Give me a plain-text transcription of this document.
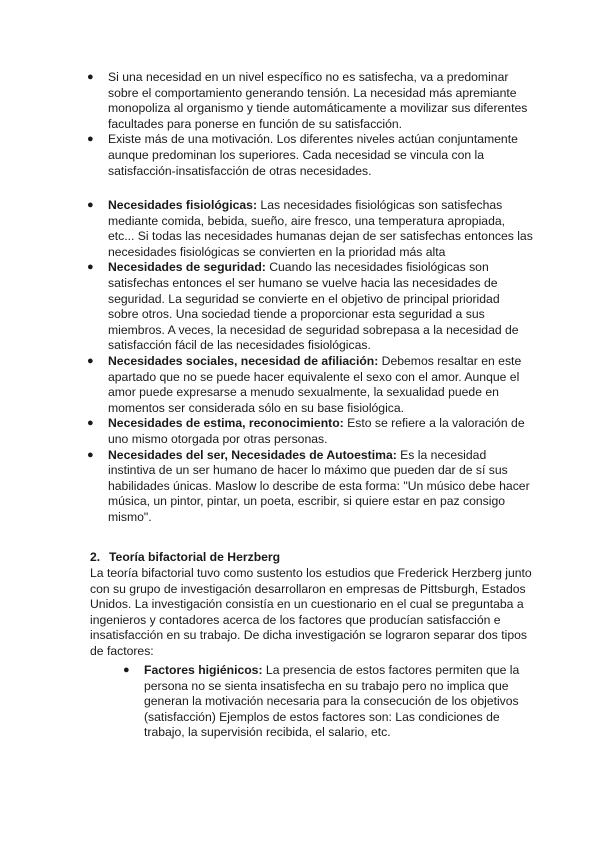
● Si una necesidad en un nivel específico no es satisfecha, va a predominar sobre el comportamiento generando tensión. La necesidad más apremiante monopoliza al organismo y tiende automáticamente a movilizar sus diferentes facultades para ponerse en función de su satisfacción.
● Existe más de una motivación. Los diferentes niveles actúan conjuntamente aunque predominan los superiores. Cada necesidad se vincula con la satisfacción-insatisfacción de otras necesidades.
● Necesidades fisiológicas: Las necesidades fisiológicas son satisfechas mediante comida, bebida, sueño, aire fresco, una temperatura apropiada, etc... Si todas las necesidades humanas dejan de ser satisfechas entonces las necesidades fisiológicas se convierten en la prioridad más alta
● Necesidades de seguridad: Cuando las necesidades fisiológicas son satisfechas entonces el ser humano se vuelve hacia las necesidades de seguridad. La seguridad se convierte en el objetivo de principal prioridad sobre otros. Una sociedad tiende a proporcionar esta seguridad a sus miembros. A veces, la necesidad de seguridad sobrepasa a la necesidad de satisfacción fácil de las necesidades fisiológicas.
● Necesidades sociales, necesidad de afiliación: Debemos resaltar en este apartado que no se puede hacer equivalente el sexo con el amor. Aunque el amor puede expresarse a menudo sexualmente, la sexualidad puede en momentos ser considerada sólo en su base fisiológica.
● Necesidades de estima, reconocimiento: Esto se refiere a la valoración de uno mismo otorgada por otras personas.
● Necesidades del ser, Necesidades de Autoestima: Es la necesidad instintiva de un ser humano de hacer lo máximo que pueden dar de sí sus habilidades únicas. Maslow lo describe de esta forma: "Un músico debe hacer música, un pintor, pintar, un poeta, escribir, si quiere estar en paz consigo mismo".
2. Teoría bifactorial de Herzberg

La teoría bifactorial tuvo como sustento los estudios que Frederick Herzberg junto con su grupo de investigación desarrollaron en empresas de Pittsburgh, Estados Unidos. La investigación consistía en un cuestionario en el cual se preguntaba a ingenieros y contadores acerca de los factores que producían satisfacción e insatisfacción en su trabajo. De dicha investigación se lograron separar dos tipos de factores:

● Factores higiénicos: La presencia de estos factores permiten que la persona no se sienta insatisfecha en su trabajo pero no implica que generan la motivación necesaria para la consecución de los objetivos (satisfacción) Ejemplos de estos factores son: Las condiciones de trabajo, la supervisión recibida, el salario, etc.
